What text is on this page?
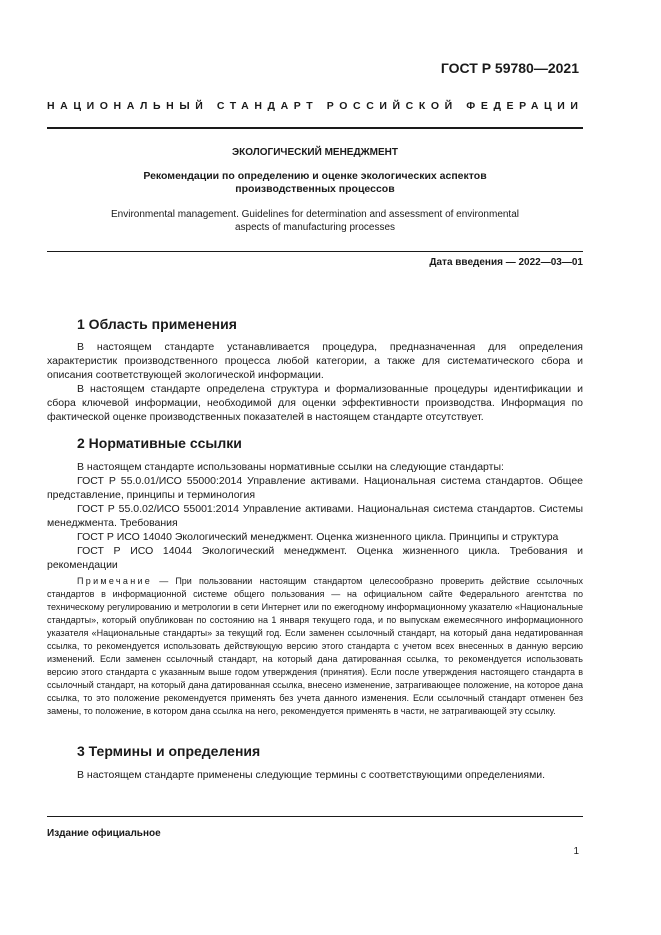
ГОСТ Р 59780—2021
НАЦИОНАЛЬНЫЙ СТАНДАРТ РОССИЙСКОЙ ФЕДЕРАЦИИ
ЭКОЛОГИЧЕСКИЙ МЕНЕДЖМЕНТ
Рекомендации по определению и оценке экологических аспектов производственных процессов
Environmental management. Guidelines for determination and assessment of environmental aspects of manufacturing processes
Дата введения — 2022—03—01
1 Область применения
В настоящем стандарте устанавливается процедура, предназначенная для определения характеристик производственного процесса любой категории, а также для систематического сбора и описания соответствующей экологической информации.
В настоящем стандарте определена структура и формализованные процедуры идентификации и сбора ключевой информации, необходимой для оценки эффективности производства. Информация по фактической оценке производственных показателей в настоящем стандарте отсутствует.
2 Нормативные ссылки
В настоящем стандарте использованы нормативные ссылки на следующие стандарты:
ГОСТ Р 55.0.01/ИСО 55000:2014 Управление активами. Национальная система стандартов. Общее представление, принципы и терминология
ГОСТ Р 55.0.02/ИСО 55001:2014 Управление активами. Национальная система стандартов. Системы менеджмента. Требования
ГОСТ Р ИСО 14040 Экологический менеджмент. Оценка жизненного цикла. Принципы и структура
ГОСТ Р ИСО 14044 Экологический менеджмент. Оценка жизненного цикла. Требования и рекомендации
Примечание — При пользовании настоящим стандартом целесообразно проверить действие ссылочных стандартов в информационной системе общего пользования — на официальном сайте Федерального агентства по техническому регулированию и метрологии в сети Интернет или по ежегодному информационному указателю «Национальные стандарты», который опубликован по состоянию на 1 января текущего года, и по выпускам ежемесячного информационного указателя «Национальные стандарты» за текущий год. Если заменен ссылочный стандарт, на который дана недатированная ссылка, то рекомендуется использовать действующую версию этого стандарта с учетом всех внесенных в данную версию изменений. Если заменен ссылочный стандарт, на который дана датированная ссылка, то рекомендуется использовать версию этого стандарта с указанным выше годом утверждения (принятия). Если после утверждения настоящего стандарта в ссылочный стандарт, на который дана датированная ссылка, внесено изменение, затрагивающее положение, на которое дана ссылка, то это положение рекомендуется применять без учета данного изменения. Если ссылочный стандарт отменен без замены, то положение, в котором дана ссылка на него, рекомендуется применять в части, не затрагивающей эту ссылку.
3 Термины и определения
В настоящем стандарте применены следующие термины с соответствующими определениями.
Издание официальное
1
